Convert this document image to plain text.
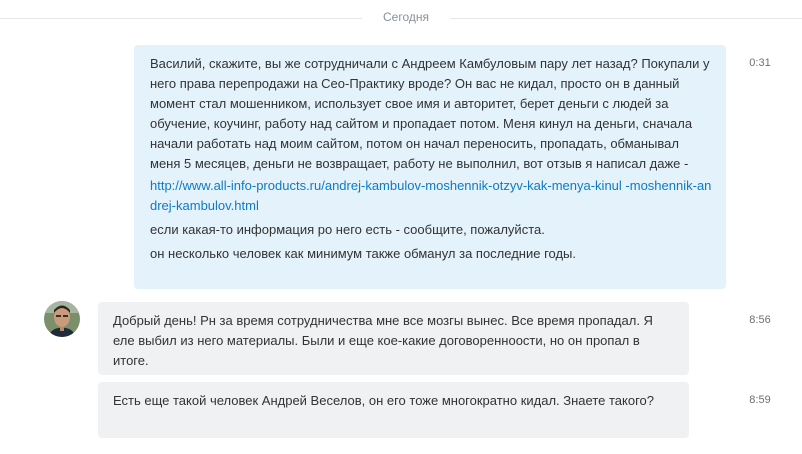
Сегодня

Василий, скажите, вы же сотрудничали с Андреем Камбуловым пару лет назад? Покупали у него права перепродажи на Сео-Практику вроде? Он вас не кидал, просто он в данный момент стал мошенником, использует свое имя и авторитет, берет деньги с людей за обучение, коучинг, работу над сайтом и пропадает потом. Меня кинул на деньги, сначала начали работать над моим сайтом, потом он начал переносить, пропадать, обманывал меня 5 месяцев, деньги не возвращает, работу не выполнил, вот отзыв я написал даже -

http://www.all-info-products.ru/andrej-kambulov-moshennik-otzyv-kak-menya-kinul -moshennik-andrej-kambulov.html

если какая-то информация ро него есть - сообщите, пожалуйста.

он несколько человек как минимум также обманул за последние годы.

0:31

Добрый день! Рн за время сотрудничества мне все мозгы вынес. Все время пропадал. Я еле выбил из него материалы. Были и еще кое-какие договоренноости, но он пропал в итоге.

8:56

Есть еще такой человек Андрей Веселов, он его тоже многократно кидал. Знаете такого?	8:59
